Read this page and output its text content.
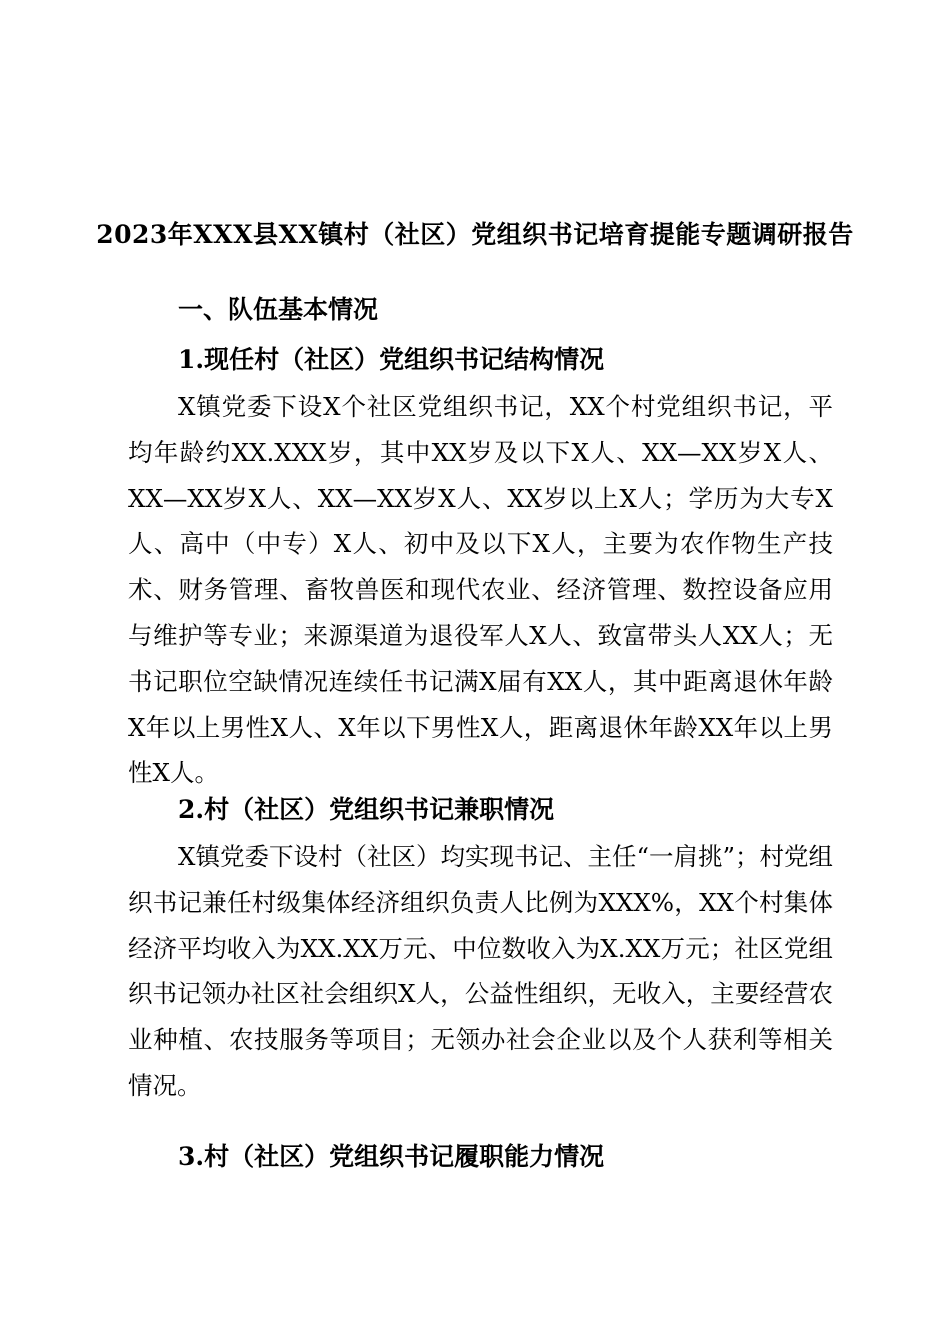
2023年XXX县XX镇村（社区）党组织书记培育提能专题调研报告
一、队伍基本情况
1.现任村（社区）党组织书记结构情况

X镇党委下设X个社区党组织书记，XX个村党组织书记，平均年龄约XX.XXX岁，其中XX岁及以下X人、XX—XX岁X人、XX—XX岁X人、XX—XX岁X人、XX岁以上X人；学历为大专X人、高中（中专）X人、初中及以下X人，主要为农作物生产技术、财务管理、畜牧兽医和现代农业、经济管理、数控设备应用与维护等专业；来源渠道为退役军人X人、致富带头人XX人；无书记职位空缺情况连续任书记满X届有XX人，其中距离退休年龄X年以上男性X人、X年以下男性X人，距离退休年龄XX年以上男性X人。

2.村（社区）党组织书记兼职情况

X镇党委下设村（社区）均实现书记、主任“一肩挑”；村党组织书记兼任村级集体经济组织负责人比例为XXX%，XX个村集体经济平均收入为XX.XX万元、中位数收入为X.XX万元；社区党组织书记领办社区社会组织X人，公益性组织，无收入，主要经营农业种植、农技服务等项目；无领办社会企业以及个人获利等相关情况。

3.村（社区）党组织书记履职能力情况
